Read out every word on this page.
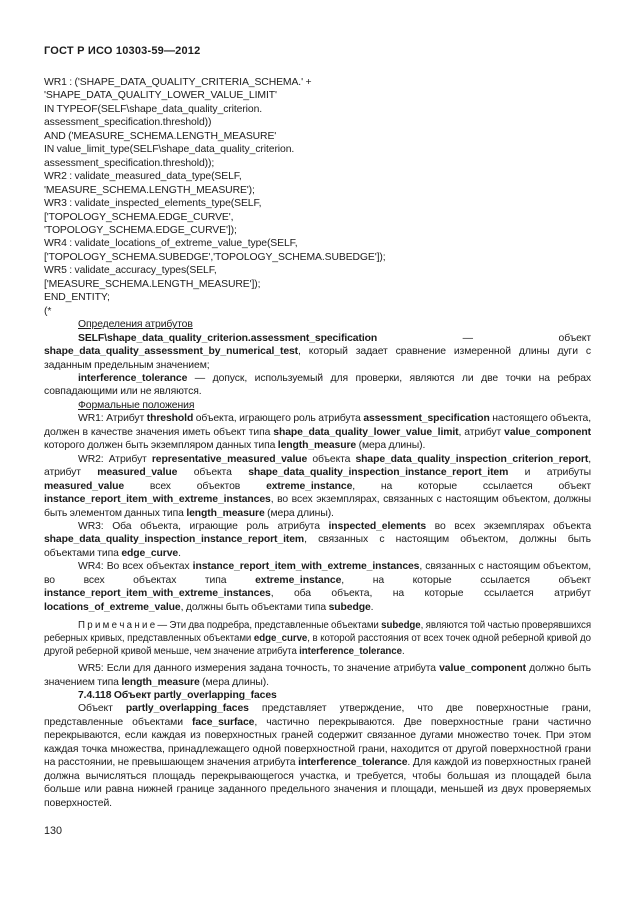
ГОСТ Р ИСО 10303-59—2012
WR1 : ('SHAPE_DATA_QUALITY_CRITERIA_SCHEMA.' +
'SHAPE_DATA_QUALITY_LOWER_VALUE_LIMIT'
IN TYPEOF(SELF\shape_data_quality_criterion.
assessment_specification.threshold))
AND ('MEASURE_SCHEMA.LENGTH_MEASURE'
IN value_limit_type(SELF\shape_data_quality_criterion.
assessment_specification.threshold));
WR2 : validate_measured_data_type(SELF,
'MEASURE_SCHEMA.LENGTH_MEASURE');
WR3 : validate_inspected_elements_type(SELF,
['TOPOLOGY_SCHEMA.EDGE_CURVE',
'TOPOLOGY_SCHEMA.EDGE_CURVE']);
WR4 : validate_locations_of_extreme_value_type(SELF,
['TOPOLOGY_SCHEMA.SUBEDGE','TOPOLOGY_SCHEMA.SUBEDGE']);
WR5 : validate_accuracy_types(SELF,
['MEASURE_SCHEMA.LENGTH_MEASURE']);
END_ENTITY;
(*

Определения атрибутов

SELF\shape_data_quality_criterion.assessment_specification — объект shape_data_quality_assessment_by_numerical_test, который задает сравнение измеренной длины дуги с заданным предельным значением;

interference_tolerance — допуск, используемый для проверки, являются ли две точки на ребрах совпадающими или не являются.

Формальные положения

WR1: Атрибут threshold объекта, играющего роль атрибута assessment_specification настоящего объекта, должен в качестве значения иметь объект типа shape_data_quality_lower_value_limit, атрибут value_component которого должен быть экземпляром данных типа length_measure (мера длины).

WR2: Атрибут representative_measured_value объекта shape_data_quality_inspection_criterion_report, атрибут measured_value объекта shape_data_quality_inspection_instance_report_item и атрибуты measured_value всех объектов extreme_instance, на которые ссылается объект instance_report_item_with_extreme_instances, во всех экземплярах, связанных с настоящим объектом, должны быть элементом данных типа length_measure (мера длины).

WR3: Оба объекта, играющие роль атрибута inspected_elements во всех экземплярах объекта shape_data_quality_inspection_instance_report_item, связанных с настоящим объектом, должны быть объектами типа edge_curve.

WR4: Во всех объектах instance_report_item_with_extreme_instances, связанных с настоящим объектом, во всех объектах типа extreme_instance, на которые ссылается объект instance_report_item_with_extreme_instances, оба объекта, на которые ссылается атрибут locations_of_extreme_value, должны быть объектами типа subedge.

П р и м е ч а н и е — Эти два подребра, представленные объектами subedge, являются той частью проверявшихся реберных кривых, представленных объектами edge_curve, в которой расстояния от всех точек одной реберной кривой до другой реберной кривой меньше, чем значение атрибута interference_tolerance.

WR5: Если для данного измерения задана точность, то значение атрибута value_component должно быть значением типа length_measure (мера длины).

7.4.118 Объект partly_overlapping_faces

Объект partly_overlapping_faces представляет утверждение, что две поверхностные грани, представленные объектами face_surface, частично перекрываются. Две поверхностные грани частично перекрываются, если каждая из поверхностных граней содержит связанное дугами множество точек. При этом каждая точка множества, принадлежащего одной поверхностной грани, находится от другой поверхностной грани на расстоянии, не превышающем значения атрибута interference_tolerance. Для каждой из поверхностных граней должна вычисляться площадь перекрывающегося участка, и требуется, чтобы большая из площадей была больше или равна нижней границе заданного предельного значения и площади, меньшей из двух проверяемых поверхностей.

130
